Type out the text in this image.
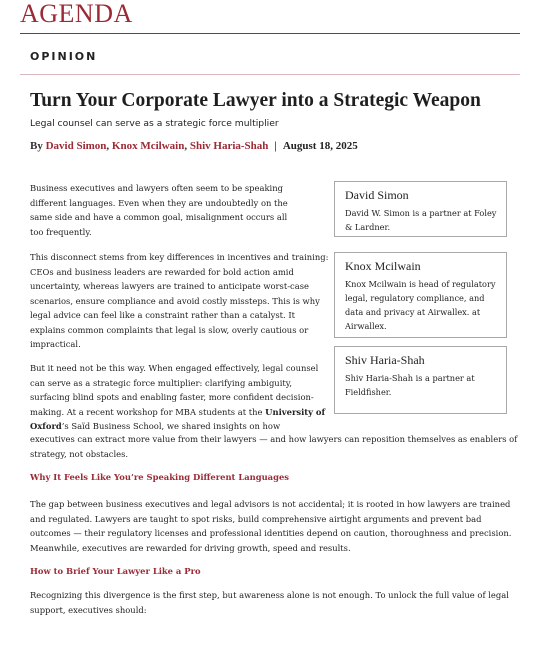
AGENDA
OPINION
Turn Your Corporate Lawyer into a Strategic Weapon
Legal counsel can serve as a strategic force multiplier
By David Simon, Knox Mcilwain, Shiv Haria-Shah | August 18, 2025

Business executives and lawyers often seem to be speaking different languages. Even when they are undoubtedly on the same side and have a common goal, misalignment occurs all too frequently.

This disconnect stems from key differences in incentives and training: CEOs and business leaders are rewarded for bold action amid uncertainty, whereas lawyers are trained to anticipate worst-case scenarios, ensure compliance and avoid costly missteps. This is why legal advice can feel like a constraint rather than a catalyst. It explains common complaints that legal is slow, overly cautious or impractical.

But it need not be this way. When engaged effectively, legal counsel can serve as a strategic force multiplier: clarifying ambiguity, surfacing blind spots and enabling faster, more confident decision-making. At a recent workshop for MBA students at the University of Oxford’s Saïd Business School, we shared insights on how

executives can extract more value from their lawyers — and how lawyers can reposition themselves as enablers of strategy, not obstacles.

Why It Feels Like You’re Speaking Different Languages

The gap between business executives and legal advisors is not accidental; it is rooted in how lawyers are trained and regulated. Lawyers are taught to spot risks, build comprehensive airtight arguments and prevent bad outcomes — their regulatory licenses and professional identities depend on caution, thoroughness and precision. Meanwhile, executives are rewarded for driving growth, speed and results.

How to Brief Your Lawyer Like a Pro

Recognizing this divergence is the first step, but awareness alone is not enough. To unlock the full value of legal support, executives should:

David Simon
David W. Simon is a partner at Foley & Lardner.
Knox Mcilwain
Knox Mcilwain is head of regulatory legal, regulatory compliance, and data and privacy at Airwallex. at Airwallex.
Shiv Haria-Shah
Shiv Haria-Shah is a partner at Fieldfisher.
